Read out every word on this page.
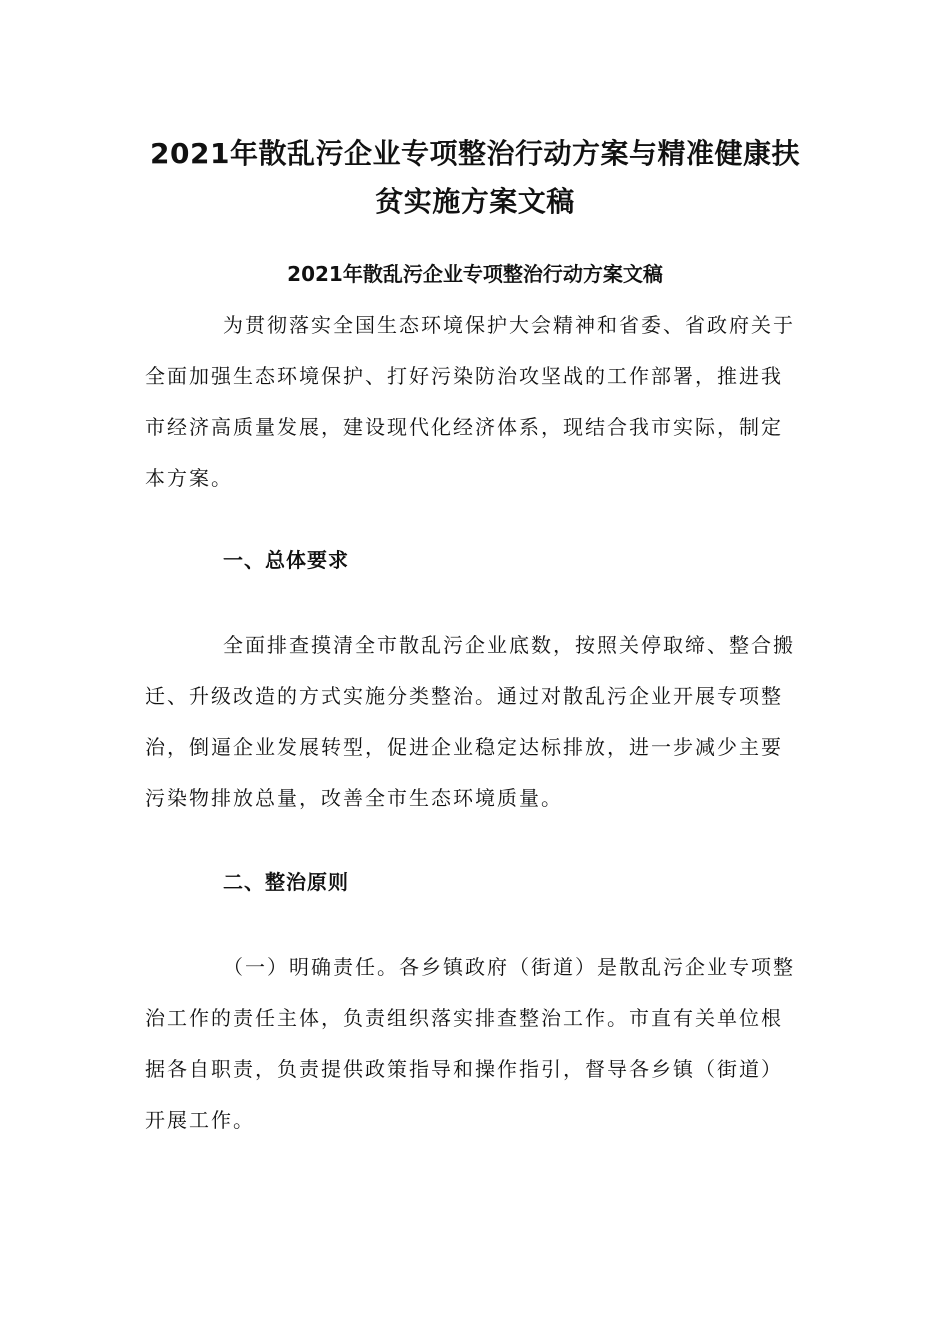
2021年散乱污企业专项整治行动方案与精准健康扶
贫实施方案文稿
2021年散乱污企业专项整治行动方案文稿
为贯彻落实全国生态环境保护大会精神和省委、省政府关于
全面加强生态环境保护、打好污染防治攻坚战的工作部署，推进我
市经济高质量发展，建设现代化经济体系，现结合我市实际，制定
本方案。
一、总体要求
全面排查摸清全市散乱污企业底数，按照关停取缔、整合搬
迁、升级改造的方式实施分类整治。通过对散乱污企业开展专项整
治，倒逼企业发展转型，促进企业稳定达标排放，进一步减少主要
污染物排放总量，改善全市生态环境质量。
二、整治原则
（一）明确责任。各乡镇政府（街道）是散乱污企业专项整
治工作的责任主体，负责组织落实排查整治工作。市直有关单位根
据各自职责，负责提供政策指导和操作指引，督导各乡镇（街道）
开展工作。
